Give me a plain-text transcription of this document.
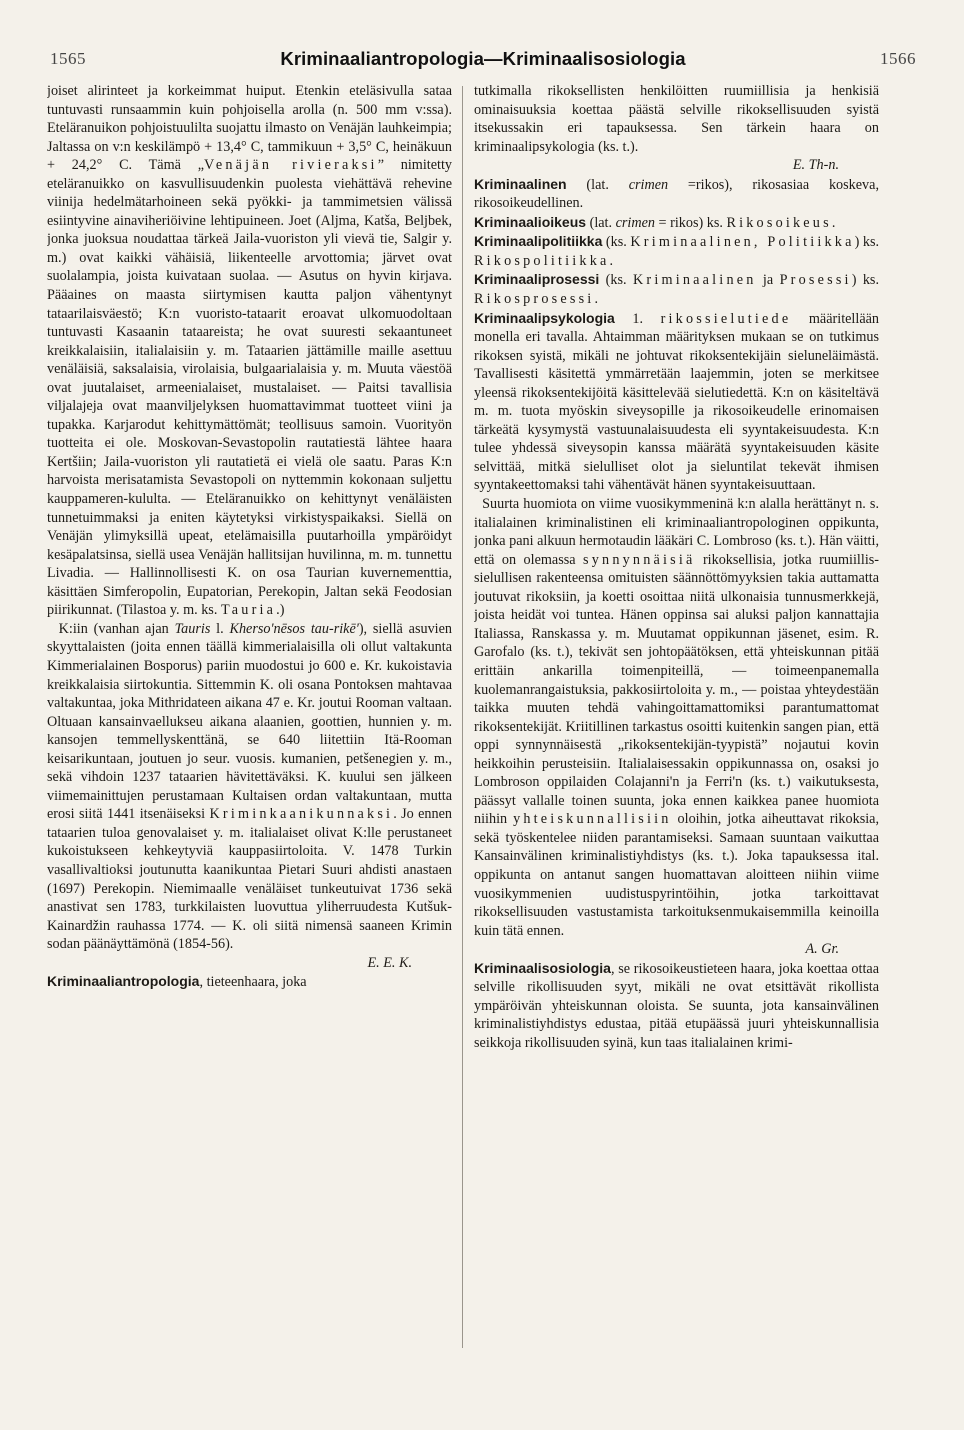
1565	Kriminaaliantropologia—Kriminaalisosiologia	1566

joiset alirinteet ja korkeimmat huiput. Etenkin eteläsivulla sataa tuntuvasti runsaammin kuin pohjoisella arolla (n. 500 mm v:ssa). Eteläranuikon pohjoistuulilta suojattu ilmasto on Venäjän lauhkeimpia; Jaltassa on v:n keskilämpö + 13,4° C, tammikuun + 3,5° C, heinäkuun + 24,2° C. Tämä „Venäjän rivieraksi” nimitetty eteläranuikko on kasvullisuudenkin puolesta viehättävä rehevine viinija hedelmätarhoineen sekä pyökki- ja tammimetsien välissä esiintyvine ainaviheriöivine lehtipuineen. Joet (Aljma, Katša, Beljbek, jonka juoksua noudattaa tärkeä Jaila-vuoriston yli vievä tie, Salgir y. m.) ovat kaikki vähäisiä, liikenteelle arvottomia; järvet ovat suolalampia, joista kuivataan suolaa. — Asutus on hyvin kirjava. Pääaines on maasta siirtymisen kautta paljon vähentynyt tataarilaisväestö; K:n vuoristo-tataarit eroavat ulkomuodoltaan tuntuvasti Kasaanin tataareista; he ovat suuresti sekaantuneet kreikkalaisiin, italialaisiin y. m. Tataarien jättämille maille asettuu venäläisiä, saksalaisia, virolaisia, bulgaarialaisia y. m. Muuta väestöä ovat juutalaiset, armeenialaiset, mustalaiset. — Paitsi tavallisia viljalajeja ovat maanviljelyksen huomattavimmat tuotteet viini ja tupakka. Karjarodut kehittymättömät; teollisuus samoin. Vuorityön tuotteita ei ole. Moskovan-Sevastopolin rautatiestä lähtee haara Kertšiin; Jaila-vuoriston yli rautatietä ei vielä ole saatu. Paras K:n harvoista merisatamista Sevastopoli on nyttemmin kokonaan suljettu kauppameren-kululta. — Eteläranuikko on kehittynyt venäläisten tunnetuimmaksi ja eniten käytetyksi virkistyspaikaksi. Siellä on Venäjän ylimyksillä upeat, etelämaisilla puutarhoilla ympäröidyt kesäpalatsinsa, siellä usea Venäjän hallitsijan huvilinna, m. m. tunnettu Livadia. — Hallinnollisesti K. on osa Taurian kuvernementtia, käsittäen Simferopolin, Eupatorian, Perekopin, Jaltan sekä Feodosian piirikunnat. (Tilastoa y. m. ks. Tauria.)

K:iin (vanhan ajan Tauris l. Kherso'nēsos tau-rikē'), siellä asuvien skyyttalaisten (joita ennen täällä kimmerialaisilla oli ollut valtakunta Kimmerialainen Bosporus) pariin muodostui jo 600 e. Kr. kukoistavia kreikkalaisia siirtokuntia. Sittemmin K. oli osana Pontoksen mahtavaa valtakuntaa, joka Mithridateen aikana 47 e. Kr. joutui Rooman valtaan. Oltuaan kansainvaellukseu aikana alaanien, goottien, hunnien y. m. kansojen temmellyskenttänä, se 640 liitettiin Itä-Rooman keisarikuntaan, joutuen jo seur. vuosis. kumanien, petšenegien y. m., sekä vihdoin 1237 tataarien hävitettäväksi. K. kuului sen jälkeen viimemainittujen perustamaan Kultaisen ordan valtakuntaan, mutta erosi siitä 1441 itsenäiseksi Kriminkaanikunnaksi. Jo ennen tataarien tuloa genovalaiset y. m. italialaiset olivat K:lle perustaneet kukoistukseen kehkeytyviä kauppasiirtoloita. V. 1478 Turkin vasallivaltioksi joutunutta kaanikuntaa Pietari Suuri ahdisti anastaen (1697) Perekopin. Niemimaalle venäläiset tunkeutuivat 1736 sekä anastivat sen 1783, turkkilaisten luovuttua yliherruudesta Kutšuk-Kainardžin rauhassa 1774. — K. oli siitä nimensä saaneen Krimin sodan päänäyttämönä (1854-56).
E. E. K.

Kriminaaliantropologia, tieteenhaara, joka

tutkimalla rikoksellisten henkilöitten ruumiillisia ja henkisiä ominaisuuksia koettaa päästä selville rikoksellisuuden syistä itsekussakin eri tapauksessa. Sen tärkein haara on kriminaalipsykologia (ks. t.).
E. Th-n.

Kriminaalinen (lat. crimen =rikos), rikosasiaa koskeva, rikosoikeudellinen.

Kriminaalioikeus (lat. crimen = rikos) ks. Rikosoikeus.

Kriminaalipolitiikka (ks. Kriminaalinen, Politiikka) ks. Rikospolitiikka.

Kriminaaliprosessi (ks. Kriminaalinen ja Prosessi) ks. Rikosprosessi.

Kriminaalipsykologia 1. rikossielutiede määritellään monella eri tavalla. Ahtaimman määrityksen mukaan se on tutkimus rikoksen syistä, mikäli ne johtuvat rikoksentekijäin sieluneläimästä. Tavallisesti käsitettä ymmärretään laajemmin, joten se merkitsee yleensä rikoksentekijöitä käsittelevää sielutiedettä. K:n on käsiteltävä m. m. tuota myöskin siveysopille ja rikosoikeudelle erinomaisen tärkeätä kysymystä vastuunalaisuudesta eli syyntakeisuudesta. K:n tulee yhdessä siveysopin kanssa määrätä syyntakeisuuden käsite selvittää, mitkä sielulliset olot ja sieluntilat tekevät ihmisen syyntakeettomaksi tahi vähentävät hänen syyntakeisuuttaan.

Suurta huomiota on viime vuosikymmeninä k:n alalla herättänyt n. s. italialainen kriminalistinen eli kriminaaliantropologinen oppikunta, jonka pani alkuun hermotaudin lääkäri C. Lombroso (ks. t.). Hän väitti, että on olemassa synnynnäisiä rikoksellisia, jotka ruumiillis-sielullisen rakenteensa omituisten säännöttömyyksien takia auttamatta joutuvat rikoksiin, ja koetti osoittaa niitä ulkonaisia tunnusmerkkejä, joista heidät voi tuntea. Hänen oppinsa sai aluksi paljon kannattajia Italiassa, Ranskassa y. m. Muutamat oppikunnan jäsenet, esim. R. Garofalo (ks. t.), tekivät sen johtopäätöksen, että yhteiskunnan pitää erittäin ankarilla toimenpiteillä, — toimeenpanemalla kuolemanrangaistuksia, pakkosiirtoloita y. m., — poistaa yhteydestään taikka muuten tehdä vahingoittamattomiksi parantumattomat rikoksentekijät. Kriitillinen tarkastus osoitti kuitenkin sangen pian, että oppi synnynnäisestä „rikoksentekijän-tyypistä” nojautui kovin heikkoihin perusteisiin. Italialaisessakin oppikunnassa on, osaksi jo Lombroson oppilaiden Colajanni'n ja Ferri'n (ks. t.) vaikutuksesta, päässyt vallalle toinen suunta, joka ennen kaikkea panee huomiota niihin yhteiskunnallisiin oloihin, jotka aiheuttavat rikoksia, sekä työskentelee niiden parantamiseksi. Samaan suuntaan vaikuttaa Kansainvälinen kriminalistiyhdistys (ks. t.). Joka tapauksessa ital. oppikunta on antanut sangen huomattavan aloitteen niihin viime vuosikymmenien uudistuspyrintöihin, jotka tarkoittavat rikoksellisuuden vastustamista tarkoituksenmukaisemmilla keinoilla kuin tätä ennen.
A. Gr.

Kriminaalisosiologia, se rikosoikeustieteen haara, joka koettaa ottaa selville rikollisuuden syyt, mikäli ne ovat etsittävät rikollista ympäröivän yhteiskunnan oloista. Se suunta, jota kansainvälinen kriminalistiyhdistys edustaa, pitää etupäässä juuri yhteiskunnallisia seikkoja rikollisuuden syinä, kun taas italialainen krimi-
